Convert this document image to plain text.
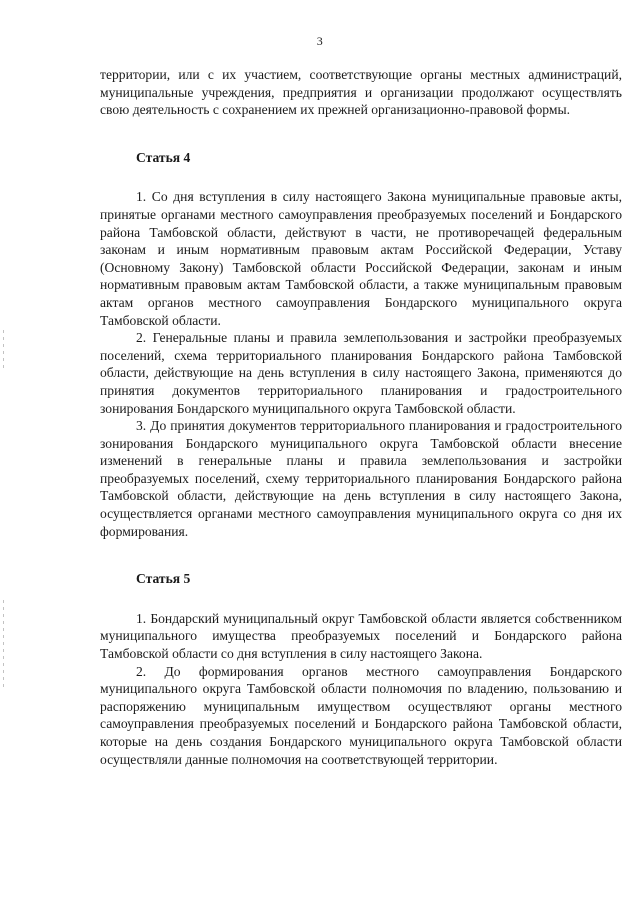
3

территории, или с их участием, соответствующие органы местных администраций, муниципальные учреждения, предприятия и организации продолжают осуществлять свою деятельность с сохранением их прежней организационно-правовой формы.

Статья 4

1. Со дня вступления в силу настоящего Закона муниципальные правовые акты, принятые органами местного самоуправления преобразуемых поселений и Бондарского района Тамбовской области, действуют в части, не противоречащей федеральным законам и иным нормативным правовым актам Российской Федерации, Уставу (Основному Закону) Тамбовской области Российской Федерации, законам и иным нормативным правовым актам Тамбовской области, а также муниципальным правовым актам органов местного самоуправления Бондарского муниципального округа Тамбовской области.

2. Генеральные планы и правила землепользования и застройки преобразуемых поселений, схема территориального планирования Бондарского района Тамбовской области, действующие на день вступления в силу настоящего Закона, применяются до принятия документов территориального планирования и градостроительного зонирования Бондарского муниципального округа Тамбовской области.

3. До принятия документов территориального планирования и градостроительного зонирования Бондарского муниципального округа Тамбовской области внесение изменений в генеральные планы и правила землепользования и застройки преобразуемых поселений, схему территориального планирования Бондарского района Тамбовской области, действующие на день вступления в силу настоящего Закона, осуществляется органами местного самоуправления муниципального округа со дня их формирования.

Статья 5

1. Бондарский муниципальный округ Тамбовской области является собственником муниципального имущества преобразуемых поселений и Бондарского района Тамбовской области со дня вступления в силу настоящего Закона.

2. До формирования органов местного самоуправления Бондарского муниципального округа Тамбовской области полномочия по владению, пользованию и распоряжению муниципальным имуществом осуществляют органы местного самоуправления преобразуемых поселений и Бондарского района Тамбовской области, которые на день создания Бондарского муниципального округа Тамбовской области осуществляли данные полномочия на соответствующей территории.
